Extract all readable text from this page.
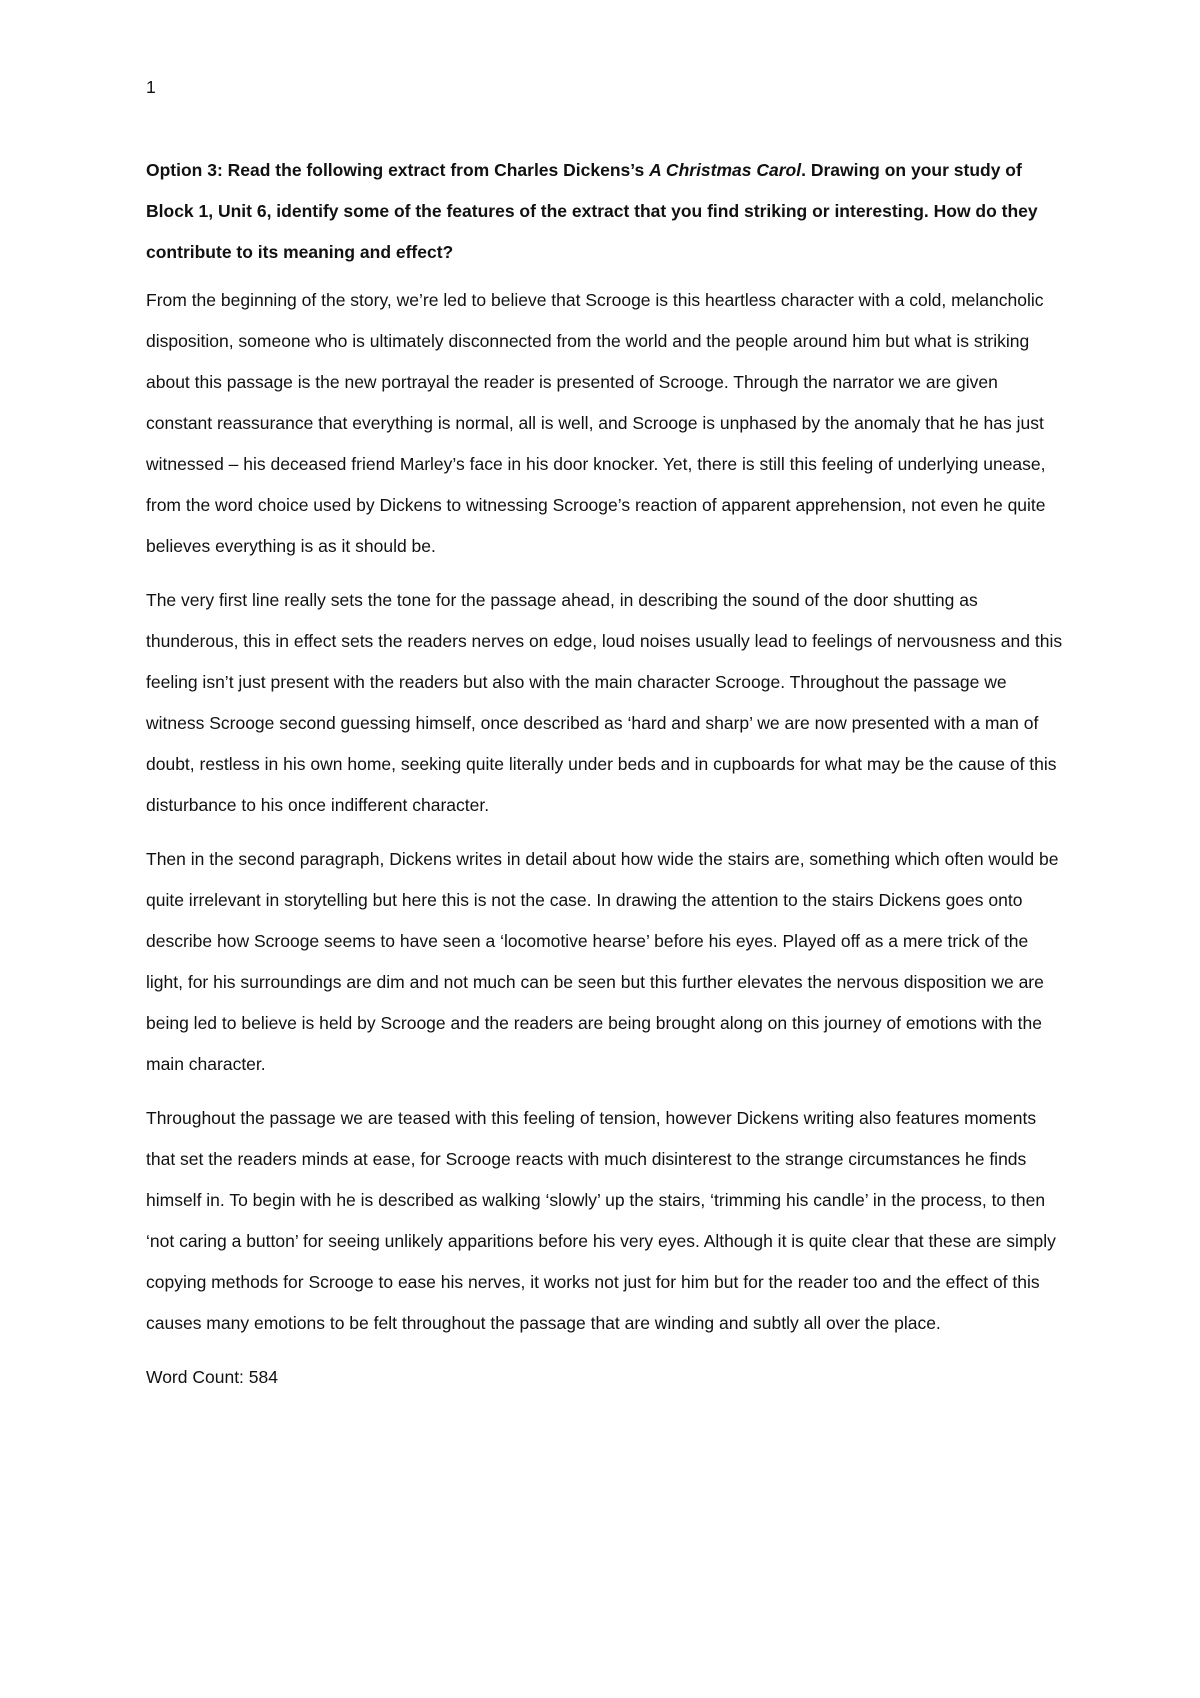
1

Option 3: Read the following extract from Charles Dickens’s A Christmas Carol. Drawing on your study of Block 1, Unit 6, identify some of the features of the extract that you find striking or interesting. How do they contribute to its meaning and effect?

From the beginning of the story, we’re led to believe that Scrooge is this heartless character with a cold, melancholic disposition, someone who is ultimately disconnected from the world and the people around him but what is striking about this passage is the new portrayal the reader is presented of Scrooge. Through the narrator we are given constant reassurance that everything is normal, all is well, and Scrooge is unphased by the anomaly that he has just witnessed – his deceased friend Marley’s face in his door knocker. Yet, there is still this feeling of underlying unease, from the word choice used by Dickens to witnessing Scrooge’s reaction of apparent apprehension, not even he quite believes everything is as it should be.

The very first line really sets the tone for the passage ahead, in describing the sound of the door shutting as thunderous, this in effect sets the readers nerves on edge, loud noises usually lead to feelings of nervousness and this feeling isn’t just present with the readers but also with the main character Scrooge. Throughout the passage we witness Scrooge second guessing himself, once described as ‘hard and sharp’ we are now presented with a man of doubt, restless in his own home, seeking quite literally under beds and in cupboards for what may be the cause of this disturbance to his once indifferent character.

Then in the second paragraph, Dickens writes in detail about how wide the stairs are, something which often would be quite irrelevant in storytelling but here this is not the case. In drawing the attention to the stairs Dickens goes onto describe how Scrooge seems to have seen a ‘locomotive hearse’ before his eyes. Played off as a mere trick of the light, for his surroundings are dim and not much can be seen but this further elevates the nervous disposition we are being led to believe is held by Scrooge and the readers are being brought along on this journey of emotions with the main character.

Throughout the passage we are teased with this feeling of tension, however Dickens writing also features moments that set the readers minds at ease, for Scrooge reacts with much disinterest to the strange circumstances he finds himself in. To begin with he is described as walking ‘slowly’ up the stairs, ‘trimming his candle’ in the process, to then ‘not caring a button’ for seeing unlikely apparitions before his very eyes. Although it is quite clear that these are simply copying methods for Scrooge to ease his nerves, it works not just for him but for the reader too and the effect of this causes many emotions to be felt throughout the passage that are winding and subtly all over the place.

Word Count: 584
